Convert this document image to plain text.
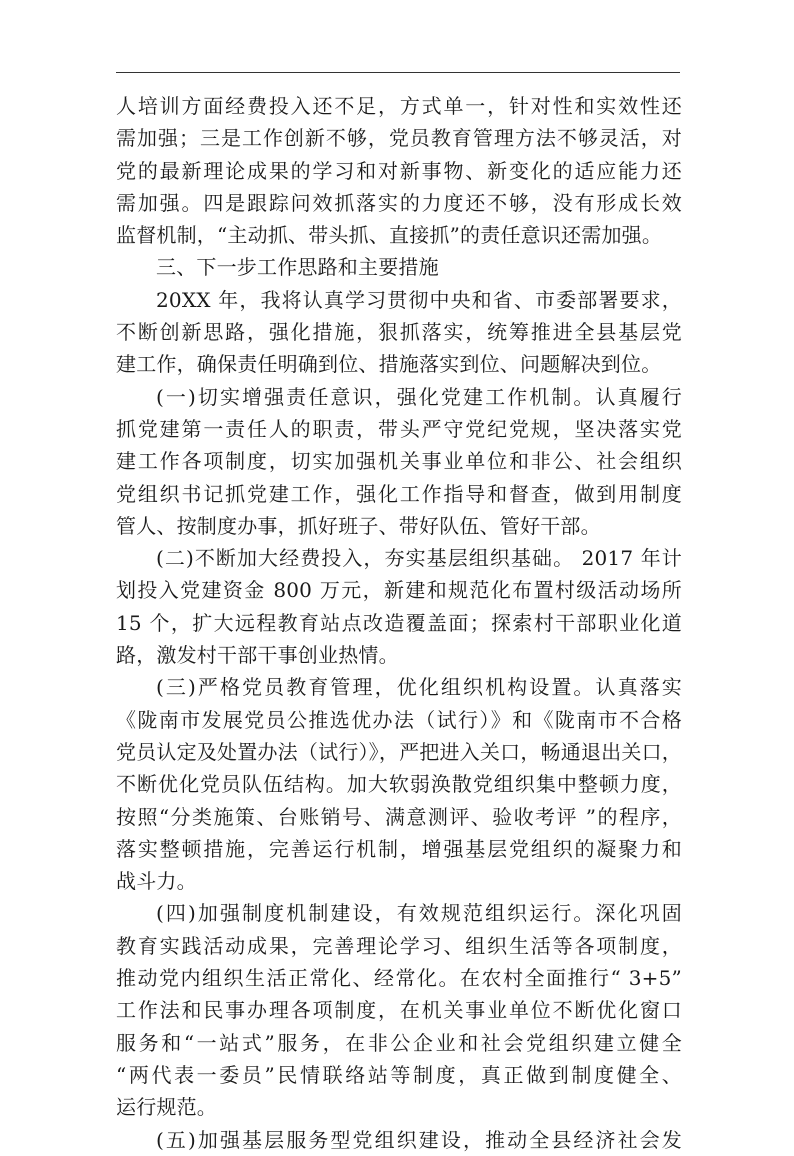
人培训方面经费投入还不足，方式单一，针对性和实效性还
需加强；三是工作创新不够，党员教育管理方法不够灵活，对
党的最新理论成果的学习和对新事物、新变化的适应能力还
需加强。四是跟踪问效抓落实的力度还不够，没有形成长效
监督机制，“主动抓、带头抓、直接抓”的责任意识还需加强。
三、下一步工作思路和主要措施
20XX 年，我将认真学习贯彻中央和省、市委部署要求，
不断创新思路，强化措施，狠抓落实，统筹推进全县基层党
建工作，确保责任明确到位、措施落实到位、问题解决到位。
(一)切实增强责任意识，强化党建工作机制。认真履行
抓党建第一责任人的职责，带头严守党纪党规，坚决落实党
建工作各项制度，切实加强机关事业单位和非公、社会组织
党组织书记抓党建工作，强化工作指导和督查，做到用制度
管人、按制度办事，抓好班子、带好队伍、管好干部。
(二)不断加大经费投入，夯实基层组织基础。 2017 年计
划投入党建资金 800 万元，新建和规范化布置村级活动场所
15 个，扩大远程教育站点改造覆盖面；探索村干部职业化道
路，激发村干部干事创业热情。
(三)严格党员教育管理，优化组织机构设置。认真落实
《陇南市发展党员公推选优办法（试行）》和《陇南市不合格
党员认定及处置办法（试行）》，严把进入关口，畅通退出关口，
不断优化党员队伍结构。加大软弱涣散党组织集中整顿力度，
按照“分类施策、台账销号、满意测评、验收考评 ”的程序，
落实整顿措施，完善运行机制，增强基层党组织的凝聚力和
战斗力。
(四)加强制度机制建设，有效规范组织运行。深化巩固
教育实践活动成果，完善理论学习、组织生活等各项制度，
推动党内组织生活正常化、经常化。在农村全面推行“ 3+5”
工作法和民事办理各项制度，在机关事业单位不断优化窗口
服务和“一站式”服务，在非公企业和社会党组织建立健全
“两代表一委员”民情联络站等制度，真正做到制度健全、
运行规范。
(五)加强基层服务型党组织建设，推动全县经济社会发
